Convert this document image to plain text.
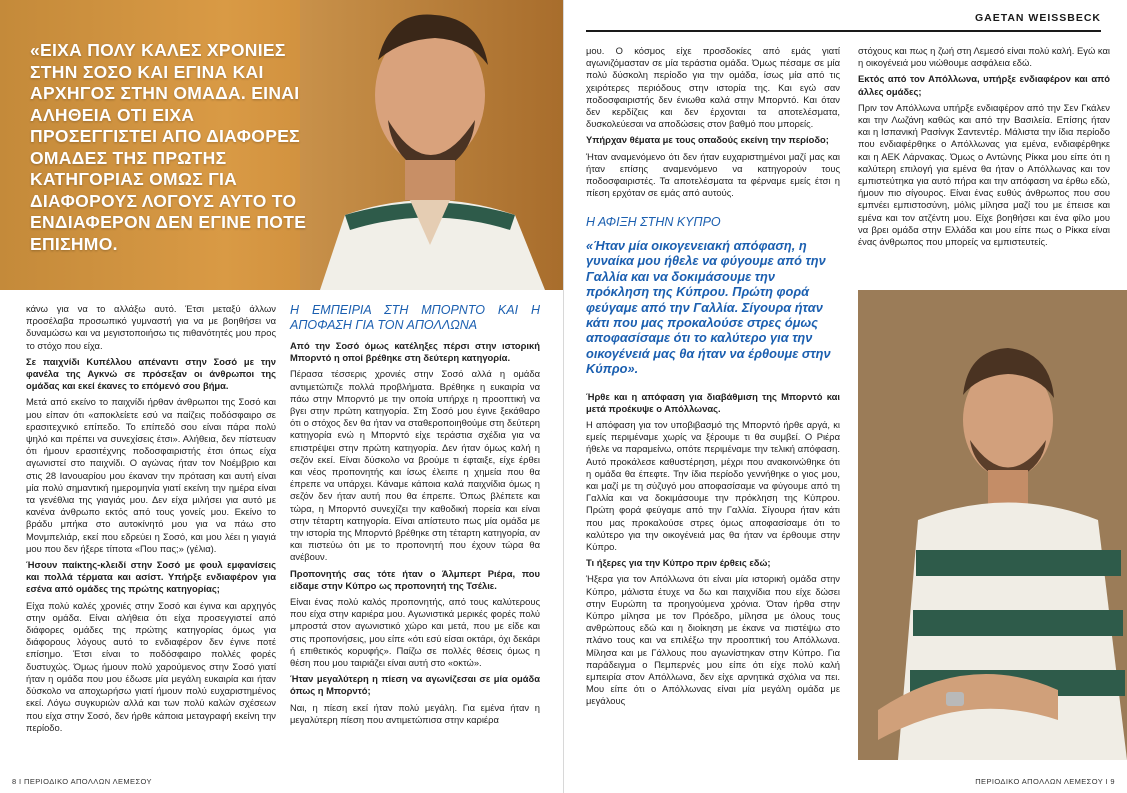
«ΕΙΧΑ ΠΟΛΥ ΚΑΛΕΣ ΧΡΟΝΙΕΣ ΣΤΗΝ ΣΟΣΟ ΚΑΙ ΕΓΙΝΑ ΚΑΙ ΑΡΧΗΓΟΣ ΣΤΗΝ ΟΜΑΔΑ. ΕΙΝΑΙ ΑΛΗΘΕΙΑ ΟΤΙ ΕΙΧΑ ΠΡΟΣΕΓΓΙΣΤΕΙ ΑΠΟ ΔΙΑΦΟΡΕΣ ΟΜΑΔΕΣ ΤΗΣ ΠΡΩΤΗΣ ΚΑΤΗΓΟΡΙΑΣ ΟΜΩΣ ΓΙΑ ΔΙΑΦΟΡΟΥΣ ΛΟΓΟΥΣ ΑΥΤΟ ΤΟ ΕΝΔΙΑΦΕΡΟΝ ΔΕΝ ΕΓΙΝΕ ΠΟΤΕ ΕΠΙΣΗΜΟ.

κάνω για να το αλλάξω αυτό. Έτσι μεταξύ άλλων προσέλαβα προσωπικό γυμναστή για να με βοηθήσει να δυναμώσω και να μεγιστοποιήσω τις πιθανότητές μου προς το στόχο που είχα.

Σε παιχνίδι Κυπέλλου απέναντι στην Σοσό με την φανέλα της Αγκνώ σε πρόσεξαν οι άνθρωποι της ομάδας και εκεί έκανες το επόμενό σου βήμα.

Μετά από εκείνο το παιχνίδι ήρθαν άνθρωποι της Σοσό και μου είπαν ότι «αποκλείετε εσύ να παίζεις ποδόσφαιρο σε ερασιτεχνικό επίπεδο. Το επίπεδό σου είναι πάρα πολύ ψηλό και πρέπει να συνεχίσεις έτσι». Αλήθεια, δεν πίστευαν ότι ήμουν ερασιτέχνης ποδοσφαιριστής έτσι όπως είχα αγωνιστεί στο παιχνίδι. Ο αγώνας ήταν τον Νοέμβριο και στις 28 Ιανουαρίου μου έκαναν την πρόταση και αυτή είναι μία πολύ σημαντική ημερομηνία γιατί εκείνη την ημέρα είναι τα γενέθλια της γιαγιάς μου. Δεν είχα μιλήσει για αυτό με κανένα άνθρωπο εκτός από τους γονείς μου. Εκείνο το βράδυ μπήκα στο αυτοκίνητό μου για να πάω στο Μονμπελιάρ, εκεί που εδρεύει η Σοσό, και μου λέει η γιαγιά μου που δεν ήξερε τίποτα «Που πας;» (γέλια).

Ήσουν παίκτης-κλειδί στην Σοσό με φουλ εμφανίσεις και πολλά τέρματα και ασίστ. Υπήρξε ενδιαφέρον για εσένα από ομάδες της πρώτης κατηγορίας;

Είχα πολύ καλές χρονιές στην Σοσό και έγινα και αρχηγός στην ομάδα. Είναι αλήθεια ότι είχα προσεγγιστεί από διάφορες ομάδες της πρώτης κατηγορίας όμως για διάφορους λόγους αυτό το ενδιαφέρον δεν έγινε ποτέ επίσημο. Έτσι είναι το ποδόσφαιρο πολλές φορές δυστυχώς. Όμως ήμουν πολύ χαρούμενος στην Σοσό γιατί ήταν η ομάδα που μου έδωσε μία μεγάλη ευκαιρία και ήταν δύσκολο να αποχωρήσω γιατί ήμουν πολύ ευχαριστημένος εκεί. Λόγω συγκυριών αλλά και των πολύ καλών σχέσεων που είχα στην Σοσό, δεν ήρθε κάποια μεταγραφή εκείνη την περίοδο.

Η ΕΜΠΕΙΡΙΑ ΣΤΗ ΜΠΟΡΝΤΟ ΚΑΙ Η ΑΠΟΦΑΣΗ ΓΙΑ ΤΟΝ ΑΠΟΛΛΩΝΑ

Από την Σοσό όμως κατέληξες πέρσι στην ιστορική Μπορντό η οποί βρέθηκε στη δεύτερη κατηγορία.

Πέρασα τέσσερις χρονιές στην Σοσό αλλά η ομάδα αντιμετώπιζε πολλά προβλήματα. Βρέθηκε η ευκαιρία να πάω στην Μπορντό με την οποία υπήρχε η προοπτική να βγει στην πρώτη κατηγορία. Στη Σοσό μου έγινε ξεκάθαρο ότι ο στόχος δεν θα ήταν να σταθεροποιηθούμε στη δεύτερη κατηγορία ενώ η Μπορντό είχε τεράστια σχέδια για να επιστρέψει στην πρώτη κατηγορία. Δεν ήταν όμως καλή η σεζόν εκεί. Είναι δύσκολο να βρούμε τι έφταιξε, είχε έρθει και νέος προπονητής και ίσως έλειπε η χημεία που θα έπρεπε να υπάρχει. Κάναμε κάποια καλά παιχνίδια όμως η σεζόν δεν ήταν αυτή που θα έπρεπε. Όπως βλέπετε και τώρα, η Μπορντό συνεχίζει την καθοδική πορεία και είναι στην τέταρτη κατηγορία. Είναι απίστευτο πως μία ομάδα με την ιστορία της Μπορντό βρέθηκε στη τέταρτη κατηγορία, αν και πιστεύω ότι με το προπονητή που έχουν τώρα θα ανέβουν.

Προπονητής σας τότε ήταν ο Άλμπερτ Ριέρα, που είδαμε στην Κύπρο ως προπονητή της Τσέλιε.

Είναι ένας πολύ καλός προπονητής, από τους καλύτερους που είχα στην καριέρα μου. Αγωνιστικά μερικές φορές πολύ μπροστά στον αγωνιστικό χώρο και μετά, που με είδε και στις προπονήσεις, μου είπε «ότι εσύ είσαι οκτάρι, όχι δεκάρι ή επιθετικός κορυφής». Παίζω σε πολλές θέσεις όμως η θέση που μου ταιριάζει είναι αυτή στο «οκτώ».

Ήταν μεγαλύτερη η πίεση να αγωνίζεσαι σε μία ομάδα όπως η Μπορντό;

Ναι, η πίεση εκεί ήταν πολύ μεγάλη. Για εμένα ήταν η μεγαλύτερη πίεση που αντιμετώπισα στην καριέρα

8 I ΠΕΡΙΟΔΙΚΟ ΑΠΟΛΛΩΝ ΛΕΜΕΣΟΥ
GAETAN WEISSBECK

μου. Ο κόσμος είχε προσδοκίες από εμάς γιατί αγωνιζόμασταν σε μία τεράστια ομάδα. Όμως πέσαμε σε μία πολύ δύσκολη περίοδο για την ομάδα, ίσως μία από τις χειρότερες περιόδους στην ιστορία της. Και εγώ σαν ποδοσφαιριστής δεν ένιωθα καλά στην Μπορντό. Και όταν δεν κερδίζεις και δεν έρχονται τα αποτελέσματα, δυσκολεύεσαι να αποδώσεις στον βαθμό που μπορείς.

Υπήρχαν θέματα με τους οπαδούς εκείνη την περίοδο;

Ήταν αναμενόμενο ότι δεν ήταν ευχαριστημένοι μαζί μας και ήταν επίσης αναμενόμενο να κατηγορούν τους ποδοσφαιριστές. Τα αποτελέσματα τα φέρναμε εμείς έτσι η πίεση ερχόταν σε εμάς από αυτούς.

Η ΑΦΙΞΗ ΣΤΗΝ ΚΥΠΡΟ
«Ήταν μία οικογενειακή απόφαση, η γυναίκα μου ήθελε να φύγουμε από την Γαλλία και να δοκιμάσουμε την πρόκληση της Κύπρου. Πρώτη φορά φεύγαμε από την Γαλλία. Σίγουρα ήταν κάτι που μας προκαλούσε στρες όμως αποφασίσαμε ότι το καλύτερο για την οικογένειά μας θα ήταν να έρθουμε στην Κύπρο».

Ήρθε και η απόφαση για διαβάθμιση της Μπορντό και μετά προέκυψε ο Απόλλωνας.

Η απόφαση για τον υποβιβασμό της Μπορντό ήρθε αργά, κι εμείς περιμέναμε χωρίς να ξέρουμε τι θα συμβεί. Ο Ριέρα ήθελε να παραμείνω, οπότε περιμέναμε την τελική απόφαση. Αυτό προκάλεσε καθυστέρηση, μέχρι που ανακοινώθηκε ότι η ομάδα θα έπεφτε. Την ίδια περίοδο γεννήθηκε ο γιος μου, και μαζί με τη σύζυγό μου αποφασίσαμε να φύγουμε από τη Γαλλία και να δοκιμάσουμε την πρόκληση της Κύπρου. Πρώτη φορά φεύγαμε από την Γαλλία. Σίγουρα ήταν κάτι που μας προκαλούσε στρες όμως αποφασίσαμε ότι το καλύτερο για την οικογένειά μας θα ήταν να έρθουμε στην Κύπρο.

Τι ήξερες για την Κύπρο πριν έρθεις εδώ;

Ήξερα για τον Απόλλωνα ότι είναι μία ιστορική ομάδα στην Κύπρο, μάλιστα έτυχε να δω και παιχνίδια που είχε δώσει στην Ευρώπη τα προηγούμενα χρόνια. Όταν ήρθα στην Κύπρο μίλησα με τον Πρόεδρο, μίλησα με όλους τους ανθρώπους εδώ και η διοίκηση με έκανε να πιστέψω στο πλάνο τους και να επιλέξω την προοπτική του Απόλλωνα. Μίλησα και με Γάλλους που αγωνίστηκαν στην Κύπρο. Για παράδειγμα ο Πεμπερνές μου είπε ότι είχε πολύ καλή εμπειρία στον Απόλλωνα, δεν είχε αρνητικά σχόλια να πει. Μου είπε ότι ο Απόλλωνας είναι μία μεγάλη ομάδα με μεγάλους

στόχους και πως η ζωή στη Λεμεσό είναι πολύ καλή. Εγώ και η οικογένειά μου νιώθουμε ασφάλεια εδώ.

Εκτός από τον Απόλλωνα, υπήρξε ενδιαφέρον και από άλλες ομάδες;

Πριν τον Απόλλωνα υπήρξε ενδιαφέρον από την Σεν Γκάλεν και την Λωζάνη καθώς και από την Βασιλεία. Επίσης ήταν και η Ισπανική Ρασίνγκ Σαντεντέρ. Μάλιστα την ίδια περίοδο που ενδιαφέρθηκε ο Απόλλωνας για εμένα, ενδιαφέρθηκε και η ΑΕΚ Λάρνακας. Όμως ο Αντώνης Ρίκκα μου είπε ότι η καλύτερη επιλογή για εμένα θα ήταν ο Απόλλωνας και τον εμπιστεύτηκα για αυτό πήρα και την απόφαση να έρθω εδώ, ήμουν πιο σίγουρος. Είναι ένας ευθύς άνθρωπος που σου εμπνέει εμπιστοσύνη, μόλις μίλησα μαζί του με έπεισε και εμένα και τον ατζέντη μου. Είχε βοηθήσει και ένα φίλο μου να βρει ομάδα στην Ελλάδα και μου είπε πως ο Ρίκκα είναι ένας άνθρωπος που μπορείς να εμπιστευτείς.

ΠΕΡΙΟΔΙΚΟ ΑΠΟΛΛΩΝ ΛΕΜΕΣΟΥ I 9
